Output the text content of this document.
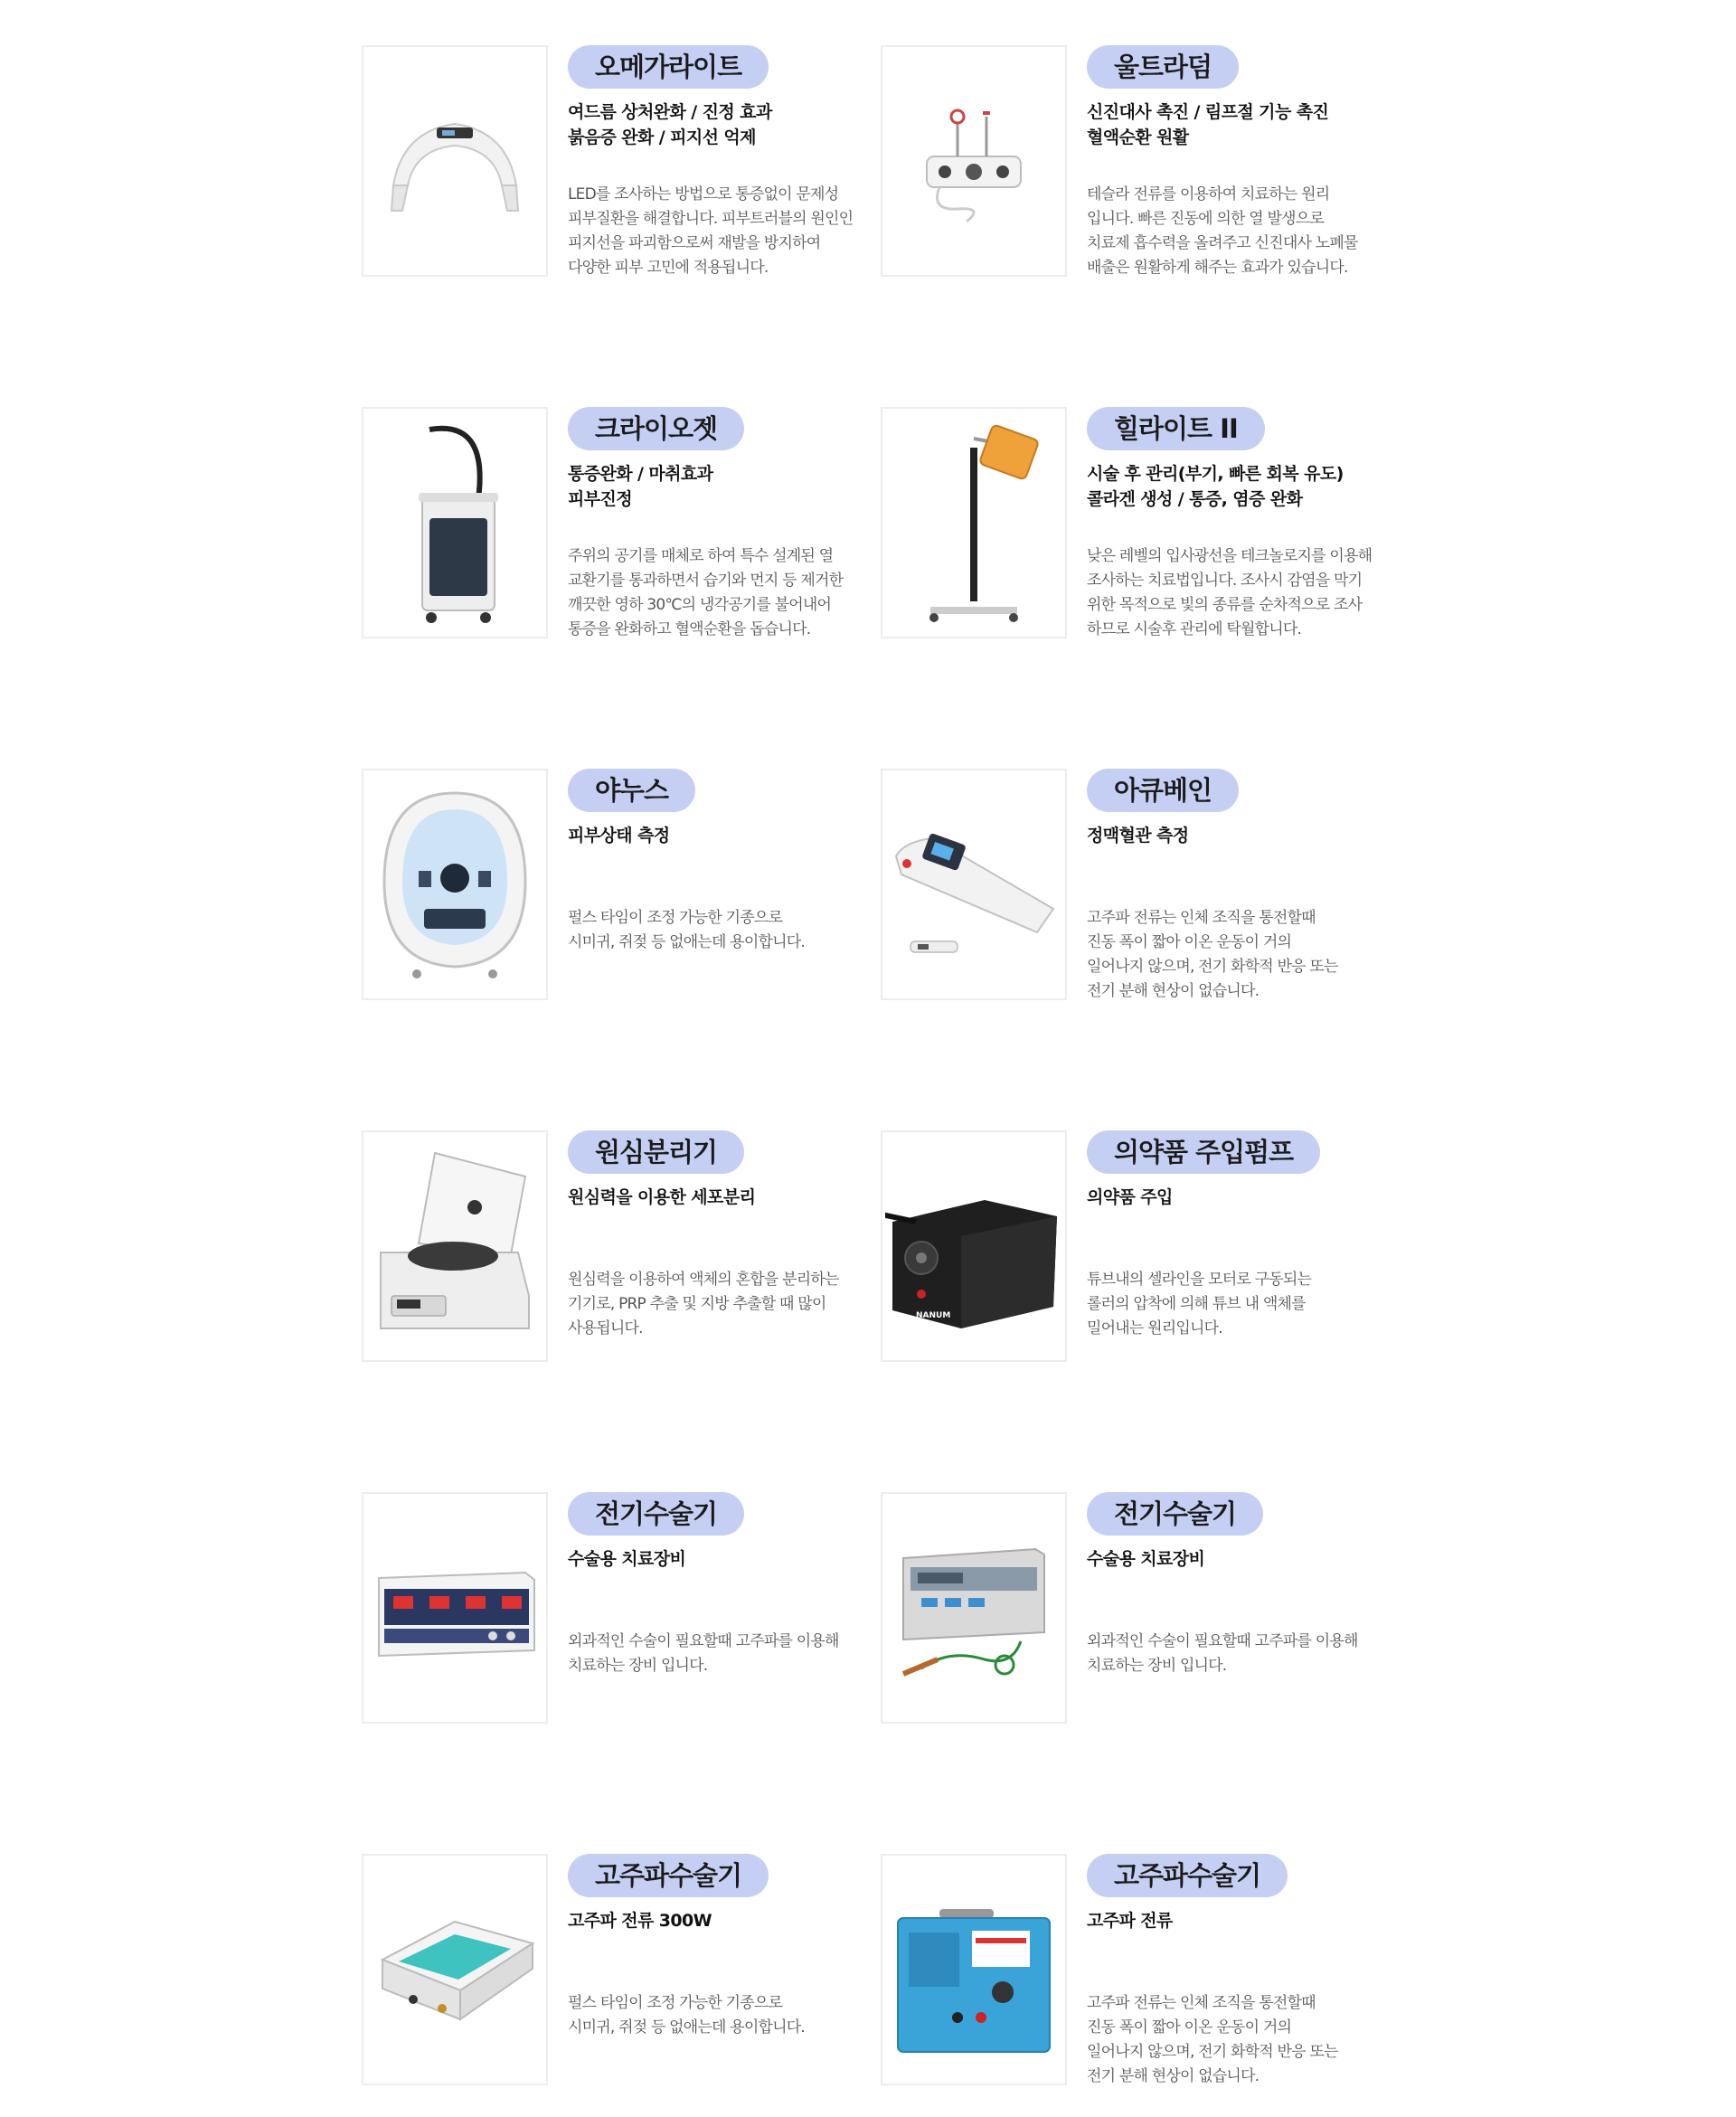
오메가라이트
여드름 상처완화 / 진정 효과
붉음증 완화 / 피지선 억제
LED를 조사하는 방법으로 통증없이 문제성
피부질환을 해결합니다. 피부트러블의 원인인
피지선을 파괴함으로써 재발을 방지하여
다양한 피부 고민에 적용됩니다.
울트라덤
신진대사 촉진 / 림프절 기능 촉진
혈액순환 원활
테슬라 전류를 이용하여 치료하는 원리
입니다. 빠른 진동에 의한 열 발생으로
치료제 흡수력을 올려주고 신진대사 노폐물
배출은 원활하게 해주는 효과가 있습니다.
크라이오젯
통증완화 / 마취효과
피부진정
주위의 공기를 매체로 하여 특수 설계된 열
교환기를 통과하면서 습기와 먼지 등 제거한
깨끗한 영하 30℃의 냉각공기를 불어내어
통증을 완화하고 혈액순환을 돕습니다.
힐라이트 II
시술 후 관리(부기, 빠른 회복 유도)
콜라겐 생성 / 통증, 염증 완화
낮은 레벨의 입사광선을 테크놀로지를 이용해
조사하는 치료법입니다. 조사시 감염을 막기
위한 목적으로 빛의 종류를 순차적으로 조사
하므로 시술후 관리에 탁월합니다.
야누스
피부상태 측정
펄스 타임이 조정 가능한 기종으로
시미귀, 쥐젖 등 없애는데 용이합니다.
아큐베인
정맥혈관 측정
고주파 전류는 인체 조직을 통전할때
진동 폭이 짧아 이온 운동이 거의
일어나지 않으며, 전기 화학적 반응 또는
전기 분해 현상이 없습니다.
원심분리기
원심력을 이용한 세포분리
원심력을 이용하여 액체의 혼합을 분리하는
기기로, PRP 추출 및 지방 추출할 때 많이
사용됩니다.
NANUM
의약품 주입펌프
의약품 주입
튜브내의 셀라인을 모터로 구동되는
롤러의 압착에 의해 튜브 내 액체를
밀어내는 원리입니다.
전기수술기
수술용 치료장비
외과적인 수술이 필요할때 고주파를 이용해
치료하는 장비 입니다.
전기수술기
수술용 치료장비
외과적인 수술이 필요할때 고주파를 이용해
치료하는 장비 입니다.
고주파수술기
고주파 전류 300W
펄스 타임이 조정 가능한 기종으로
시미귀, 쥐젖 등 없애는데 용이합니다.
고주파수술기
고주파 전류
고주파 전류는 인체 조직을 통전할때
진동 폭이 짧아 이온 운동이 거의
일어나지 않으며, 전기 화학적 반응 또는
전기 분해 현상이 없습니다.
